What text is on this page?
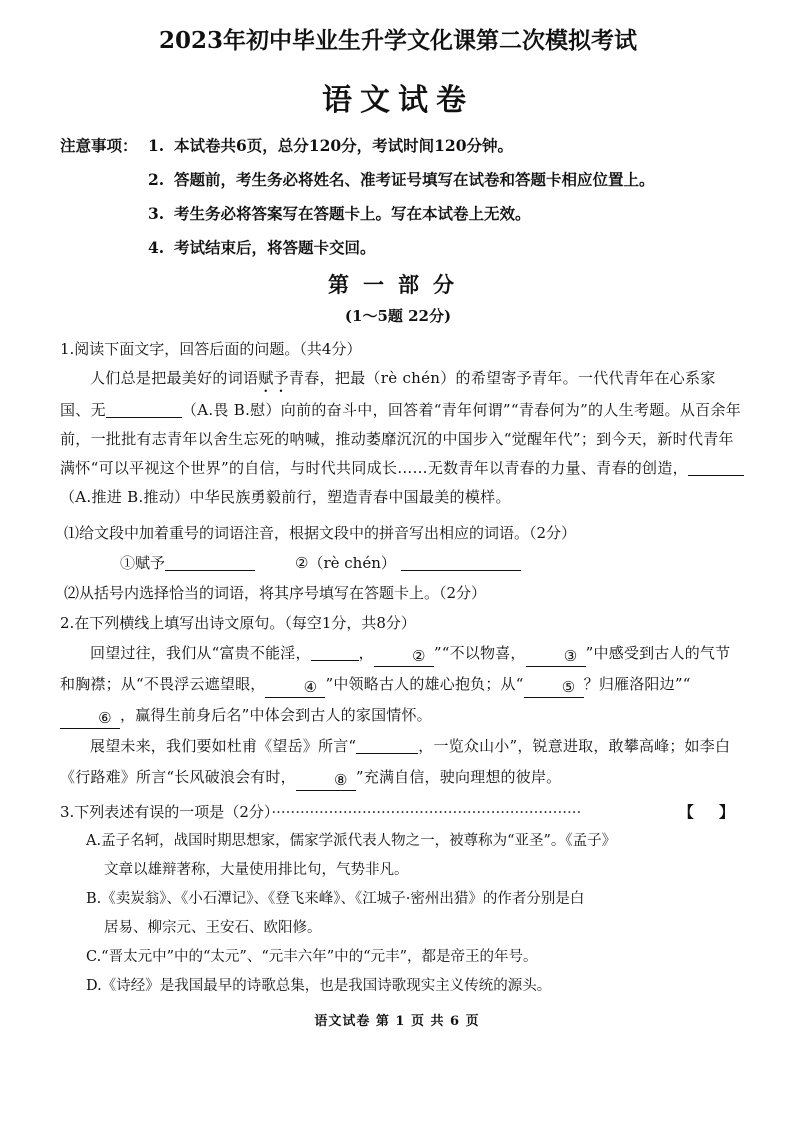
2023年初中毕业生升学文化课第二次模拟考试
语文试卷
注意事项： 1. 本试卷共6页，总分120分，考试时间120分钟。
2. 答题前，考生务必将姓名、准考证号填写在试卷和答题卡相应位置上。
3. 考生务必将答案写在答题卡上。写在本试卷上无效。
4. 考试结束后，将答题卡交回。
第一部分
(1～5题 22分)
1.阅读下面文字，回答后面的问题。（共4分）

人们总是把最美好的词语赋予青春，把最（rè chén）的希望寄予青年。一代代青年在心系家国、无	（A.畏 B.慰）向前的奋斗中，回答着“青年何谓”“青春何为”的人生考题。从百余年前，一批批有志青年以舍生忘死的呐喊，推动萎靡沉沉的中国步入“觉醒年代”；到今天，新时代青年满怀“可以平视这个世界”的自信，与时代共同成长……无数青年以青春的力量、青春的创造，（A.推进 B.推动）中华民族勇毅前行，塑造青春中国最美的模样。

⑴给文段中加着重号的词语注音，根据文段中的拼音写出相应的词语。（2分）
①赋予	②（rè chén）
⑵从括号内选择恰当的词语，将其序号填写在答题卡上。（2分）
2.在下列横线上填写出诗文原句。（每空1分，共8分）

回望过往，我们从“富贵不能淫，	，	② ”“不以物喜，	③ ”中感受到古人的气节和胸襟；从“不畏浮云遮望眼，	④ ”中领略古人的雄心抱负；从“	⑤ ？归雁洛阳边”“⑥ ，赢得生前身后名”中体会到古人的家国情怀。

展望未来，我们要如杜甫《望岳》所言“	，一览众山小”，锐意进取，敢攀高峰；如李白《行路难》所言“长风破浪会有时，	⑧ ”充满自信，驶向理想的彼岸。

【 】
3.下列表述有误的一项是（2分）·································································
A.孟子名轲，战国时期思想家，儒家学派代表人物之一，被尊称为“亚圣”。《孟子》
文章以雄辩著称，大量使用排比句，气势非凡。
B.《卖炭翁》、《小石潭记》、《登飞来峰》、《江城子·密州出猎》的作者分别是白
居易、柳宗元、王安石、欧阳修。
C.“晋太元中”中的“太元”、“元丰六年”中的“元丰”，都是帝王的年号。
D.《诗经》是我国最早的诗歌总集，也是我国诗歌现实主义传统的源头。
语文试卷 第 1 页 共 6 页
